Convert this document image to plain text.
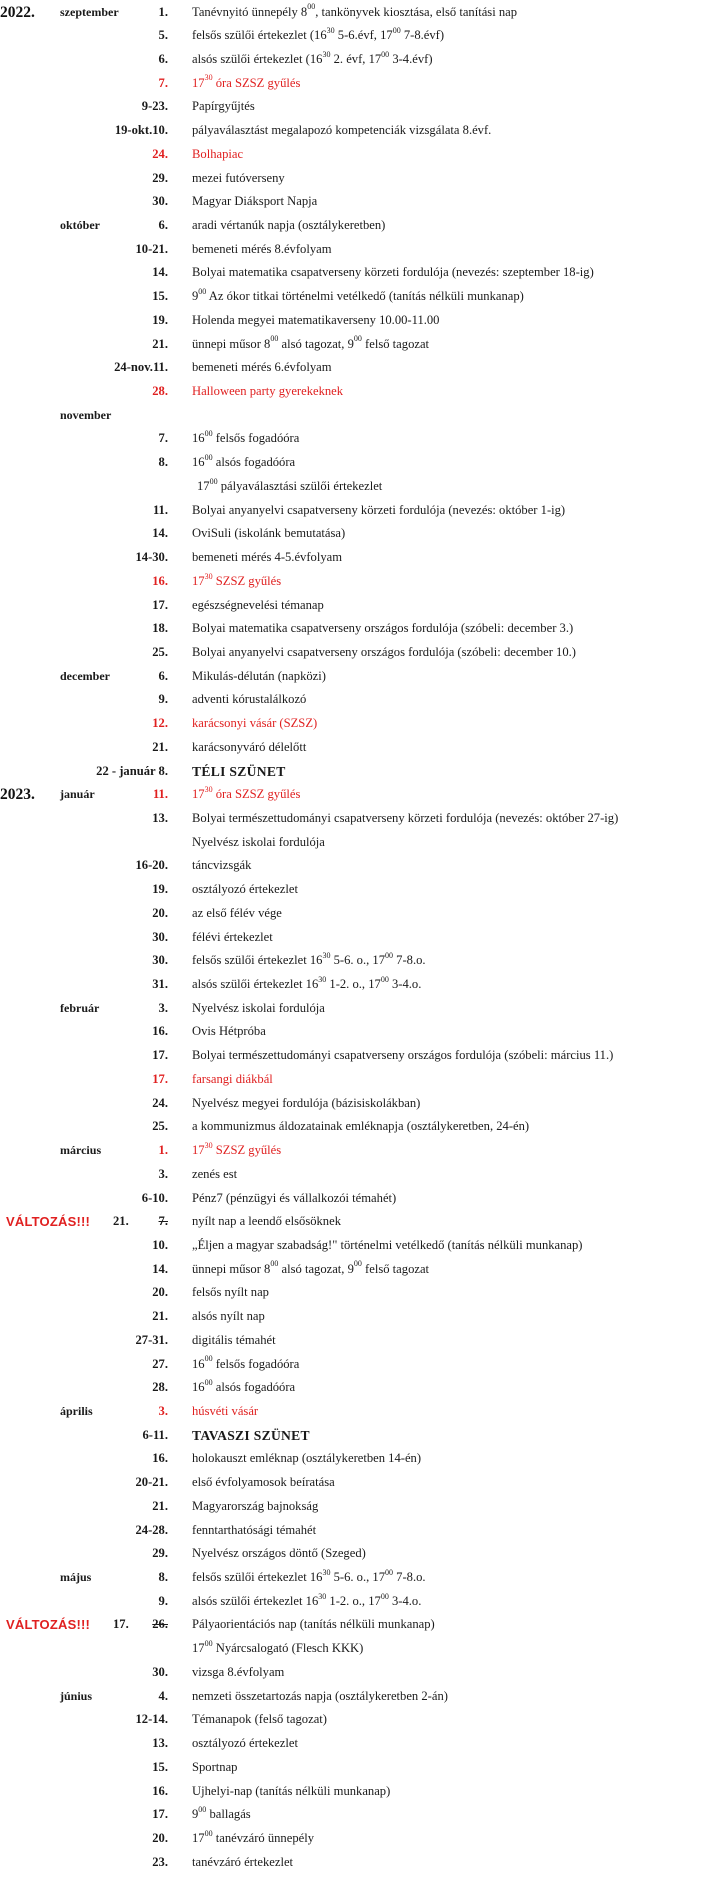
2022. szeptember	1. Tanévnyitó ünnepély $8^{00}$, tankönyvek kiosztása, első tanítási nap
5. felsős szülői értekezlet ($16^{30}$ 5-6.évf, $17^{00}$ 7-8.évf)
6. alsós szülői értekezlet ($16^{30}$ 2. évf, $17^{00}$ 3-4.évf)
7. $17^{30}$ óra SZSZ gyűlés
9-23. Papírgyűjtés
19-okt.10. pályaválasztást megalapozó kompetenciák vizsgálata 8.évf.
24. Bolhapiac
29. mezei futóverseny
30. Magyar Diáksport Napja
október	6. aradi vértanúk napja (osztálykeretben)
10-21. bemeneti mérés 8.évfolyam
14. Bolyai matematika csapatverseny körzeti fordulója (nevezés: szeptember 18-ig)
15. $9^{00}$ Az ókor titkai történelmi vetélkedő (tanítás nélküli munkanap)
19. Holenda megyei matematikaverseny 10.00-11.00
21. ünnepi műsor $8^{00}$ alsó tagozat, $9^{00}$ felső tagozat
24-nov.11. bemeneti mérés 6.évfolyam
28. Halloween party gyerekeknek
november
7. $16^{00}$ felsős fogadóóra
8. $16^{00}$ alsós fogadóóra
$17^{00}$ pályaválasztási szülői értekezlet
11. Bolyai anyanyelvi csapatverseny körzeti fordulója (nevezés: október 1-ig)
14. OviSuli (iskolánk bemutatása)
14-30. bemeneti mérés 4-5.évfolyam
16. $17^{30}$ SZSZ gyűlés
17. egészségnevelési témanap
18. Bolyai matematika csapatverseny országos fordulója (szóbeli: december 3.)
25. Bolyai anyanyelvi csapatverseny országos fordulója (szóbeli: december 10.)
december	6. Mikulás-délután (napközi)
9. adventi kórustalálkozó
12. karácsonyi vásár (SZSZ)
21. karácsonyváró délelőtt
22 - január 8. TÉLI SZÜNET
2023. január	11. $17^{30}$ óra SZSZ gyűlés
13. Bolyai természettudományi csapatverseny körzeti fordulója (nevezés: október 27-ig)
Nyelvész iskolai fordulója
16-20. táncvizsgák
19. osztályozó értekezlet
20. az első félév vége
30. félévi értekezlet
30. felsős szülői értekezlet $16^{30}$ 5-6. o., $17^{00}$ 7-8.o.
31. alsós szülői értekezlet $16^{30}$ 1-2. o., $17^{00}$ 3-4.o.
február	3. Nyelvész iskolai fordulója
16. Ovis Hétpróba
17. Bolyai természettudományi csapatverseny országos fordulója (szóbeli: március 11.)
17. farsangi diákbál
24. Nyelvész megyei fordulója (bázisiskolákban)
25. a kommunizmus áldozatainak emléknapja (osztálykeretben, 24-én)
március	1. $17^{30}$ SZSZ gyűlés
3. zenés est
6-10. Pénz7 (pénzügyi és vállalkozói témahét)
VÁLTOZÁS!!! 21. 7. nyílt nap a leendő elsősöknek
10. „Éljen a magyar szabadság!" történelmi vetélkedő (tanítás nélküli munkanap)
14. ünnepi műsor $8^{00}$ alsó tagozat, $9^{00}$ felső tagozat
20. felsős nyílt nap
21. alsós nyílt nap
27-31. digitális témahét
27. $16^{00}$ felsős fogadóóra
28. $16^{00}$ alsós fogadóóra
április	3. húsvéti vásár
6-11. TAVASZI SZÜNET
16. holokauszt emléknap (osztálykeretben 14-én)
20-21. első évfolyamosok beíratása
21. Magyarország bajnokság
24-28. fenntarthatósági témahét
29. Nyelvész országos döntő (Szeged)
május	8. felsős szülői értekezlet $16^{30}$ 5-6. o., $17^{00}$ 7-8.o.
9. alsós szülői értekezlet $16^{30}$ 1-2. o., $17^{00}$ 3-4.o.
VÁLTOZÁS!!! 17. 26. Pályaorientációs nap (tanítás nélküli munkanap)
$17^{00}$ Nyárcsalogató (Flesch KKK)
30. vizsga 8.évfolyam
június	4. nemzeti összetartozás napja (osztálykeretben 2-án)
12-14. Témanapok (felső tagozat)
13. osztályozó értekezlet
15. Sportnap
16. Ujhelyi-nap (tanítás nélküli munkanap)
17. $9^{00}$ ballagás
20. $17^{00}$ tanévzáró ünnepély
23. tanévzáró értekezlet
